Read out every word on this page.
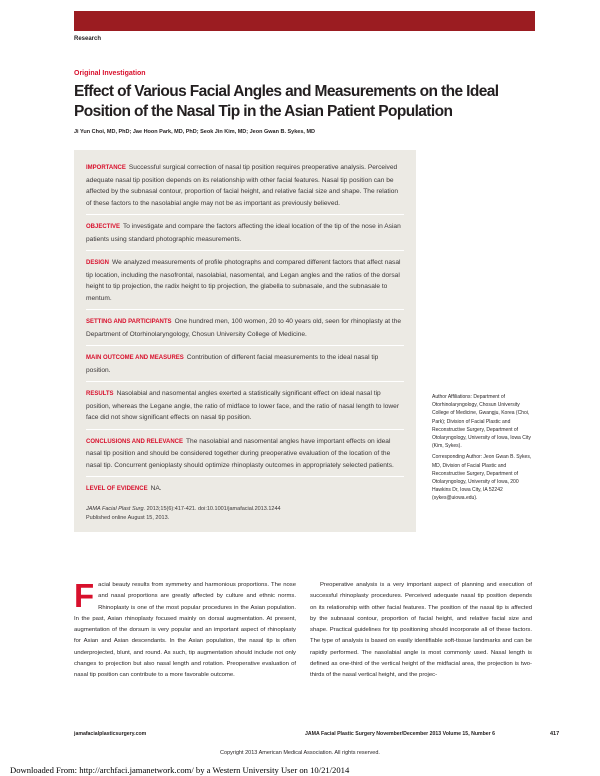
Research
Original Investigation
Effect of Various Facial Angles and Measurements on the Ideal Position of the Nasal Tip in the Asian Patient Population
Ji Yun Choi, MD, PhD; Jae Hoon Park, MD, PhD; Seok Jin Kim, MD; Jeon Gwan B. Sykes, MD
IMPORTANCE Successful surgical correction of nasal tip position requires preoperative analysis. Perceived adequate nasal tip position depends on its relationship with other facial features. Nasal tip position can be affected by the subnasal contour, proportion of facial height, and relative facial size and shape. The relation of these factors to the nasolabial angle may not be as important as previously believed.
OBJECTIVE To investigate and compare the factors affecting the ideal location of the tip of the nose in Asian patients using standard photographic measurements.
DESIGN We analyzed measurements of profile photographs and compared different factors that affect nasal tip location, including the nasofrontal, nasolabial, nasomental, and Legan angles and the ratios of the dorsal height to tip projection, the radix height to tip projection, the glabella to subnasale, and the subnasale to mentum.
SETTING AND PARTICIPANTS One hundred men, 100 women, 20 to 40 years old, seen for rhinoplasty at the Department of Otorhinolaryngology, Chosun University College of Medicine.
MAIN OUTCOME AND MEASURES Contribution of different facial measurements to the ideal nasal tip position.
RESULTS Nasolabial and nasomental angles exerted a statistically significant effect on ideal nasal tip position, whereas the Legane angle, the ratio of midface to lower face, and the ratio of nasal length to lower face did not show significant effects on nasal tip position.
CONCLUSIONS AND RELEVANCE The nasolabial and nasomental angles have important effects on ideal nasal tip position and should be considered together during preoperative evaluation of the location of the nasal tip. Concurrent genioplasty should optimize rhinoplasty outcomes in appropriately selected patients.
LEVEL OF EVIDENCE NA.
JAMA Facial Plast Surg. 2013;15(6):417-421. doi:10.1001/jamafacial.2013.1244
Published online August 15, 2013.

Author Affiliations: Department of Otorhinolaryngology, Chosun University College of Medicine, Gwangju, Korea (Choi, Park); Division of Facial Plastic and Reconstructive Surgery, Department of Otolaryngology, University of Iowa, Iowa City (Kim, Sykes).

Corresponding Author: Jeon Gwan B. Sykes, MD, Division of Facial Plastic and Reconstructive Surgery, Department of Otolaryngology, University of Iowa, 200 Hawkins Dr, Iowa City, IA 52242 (sykes@uiowa.edu).

F acial beauty results from symmetry and harmonious proportions. The nose and nasal proportions are greatly affected by culture and ethnic norms. Rhinoplasty is one of the most popular procedures in the Asian population. In the past, Asian rhinoplasty focused mainly on dorsal augmentation. At present, augmentation of the dorsum is very popular and an important aspect of rhinoplasty for Asian and Asian descendants. In the Asian population, the nasal tip is often underprojected, blunt, and round. As such, tip augmentation should include not only changes to projection but also nasal length and rotation. Preoperative evaluation of nasal tip position can contribute to a more favorable outcome.

Preoperative analysis is a very important aspect of planning and execution of successful rhinoplasty procedures. Perceived adequate nasal tip position depends on its relationship with other facial features. The position of the nasal tip is affected by the subnasal contour, proportion of facial height, and relative facial size and shape. Practical guidelines for tip positioning should incorporate all of these factors. The type of analysis is based on easily identifiable soft-tissue landmarks and can be rapidly performed. The nasolabial angle is most commonly used. Nasal length is defined as one-third of the vertical height of the midfacial area, the projection is two-thirds of the nasal vertical height, and the projec-

jamafacialplasticsurgery.com	JAMA Facial Plastic Surgery November/December 2013 Volume 15, Number 6	417
Copyright 2013 American Medical Association. All rights reserved.
Downloaded From: http://archfaci.jamanetwork.com/ by a Western University User on 10/21/2014
